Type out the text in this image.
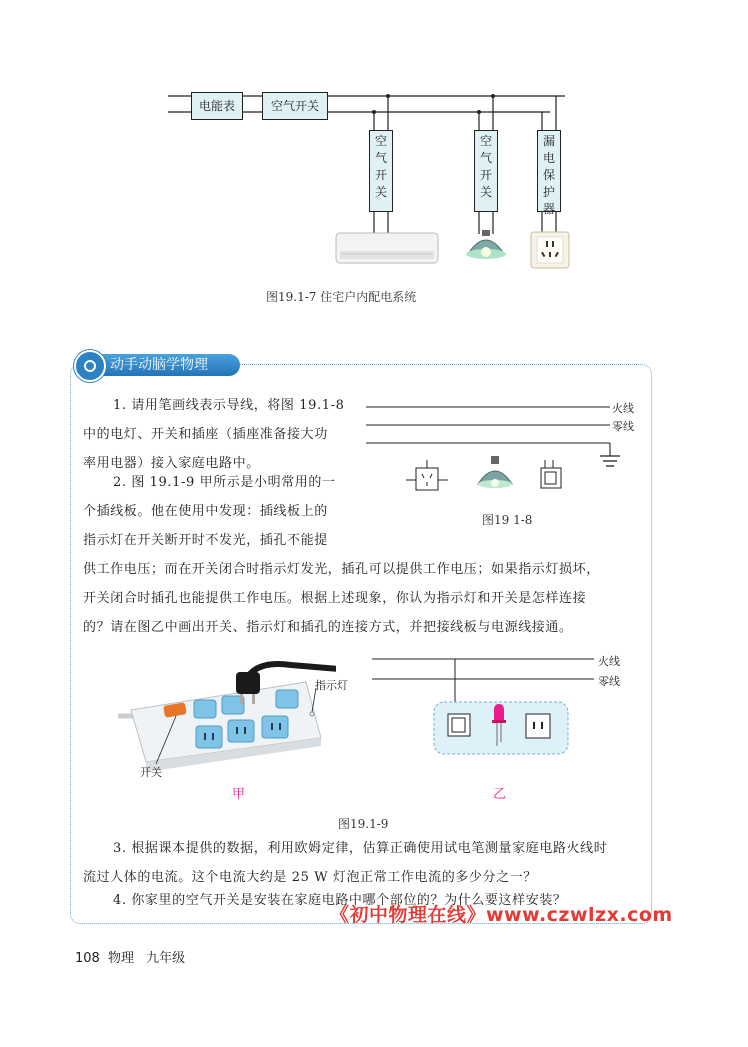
电能表	空气开关
空
气
开
关
空
气
开
关
漏
电
保
护
器
图19.1-7 住宅户内配电系统
动手动脑学物理
1. 请用笔画线表示导线，将图 19.1-8
中的电灯、开关和插座（插座准备接大功
率用电器）接入家庭电路中。
火线
零线
图19 1-8
2. 图 19.1-9 甲所示是小明常用的一
个插线板。他在使用中发现：插线板上的
指示灯在开关断开时不发光，插孔不能提
供工作电压；而在开关闭合时指示灯发光，插孔可以提供工作电压；如果指示灯损坏，
开关闭合时插孔也能提供工作电压。根据上述现象，你认为指示灯和开关是怎样连接
的？请在图乙中画出开关、指示灯和插孔的连接方式，并把接线板与电源线接通。
指示灯
开关
甲
火线
零线
乙
图19.1-9
3. 根据课本提供的数据，利用欧姆定律，估算正确使用试电笔测量家庭电路火线时
流过人体的电流。这个电流大约是 25 W 灯泡正常工作电流的多少分之一？
4. 你家里的空气开关是安装在家庭电路中哪个部位的？为什么要这样安装？
《初中物理在线》www.czwlzx.com
108 物理 九年级
